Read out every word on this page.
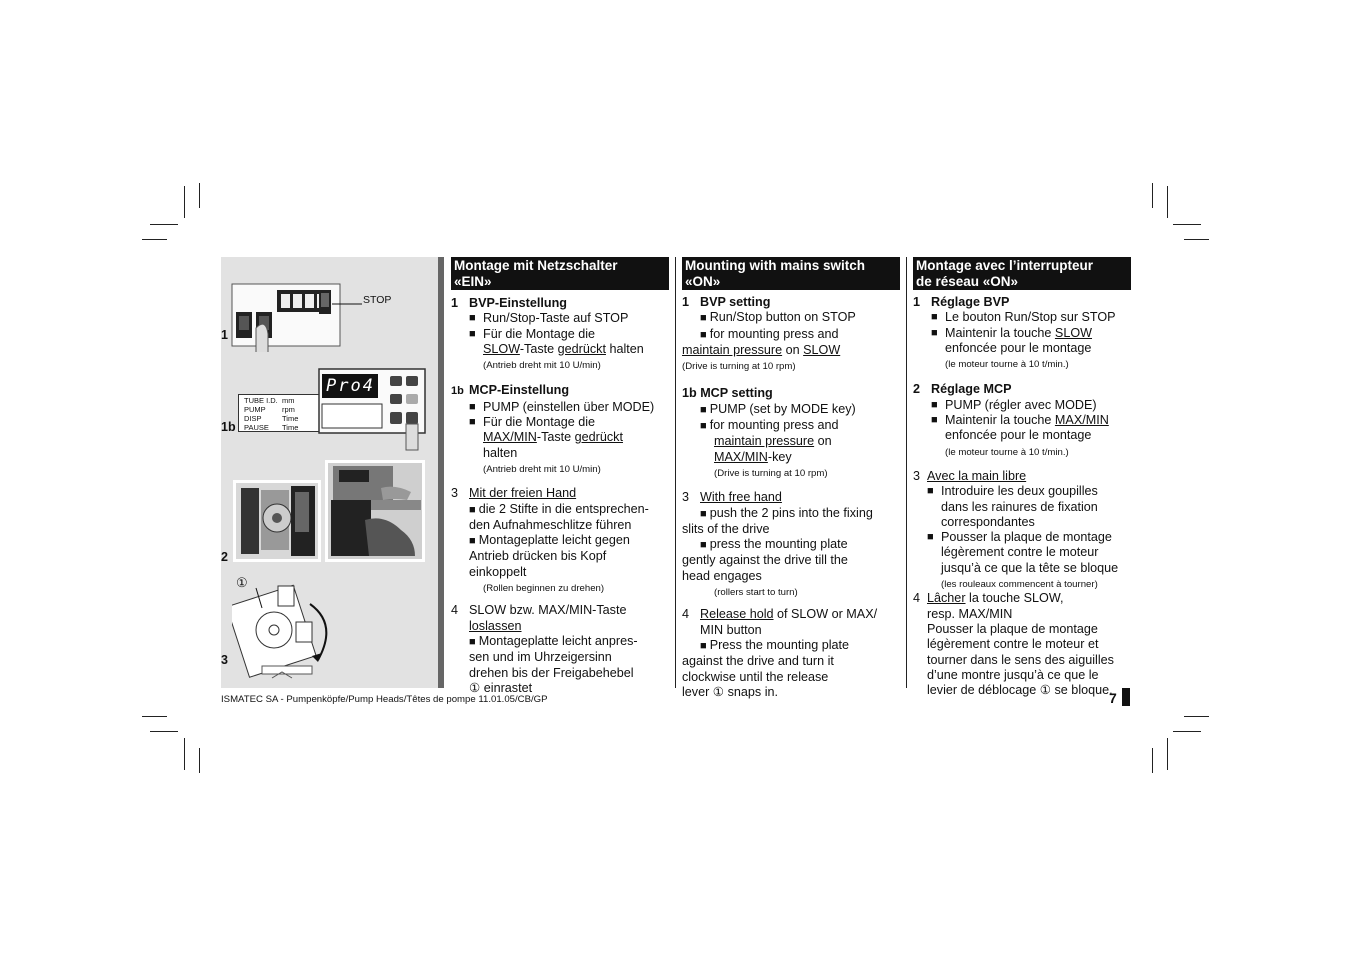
STOP
1
TUBE I.D. mm
PUMP	rpm
DISP	Time
PAUSE	Time
Pro4
1b
2
①
3
Montage mit Netzschalter
«EIN»
1 BVP-Einstellung
■ Run/Stop-Taste auf STOP
■ Für die Montage die
SLOW-Taste gedrückt halten
(Antrieb dreht mit 10 U/min)
1b MCP-Einstellung
■ PUMP (einstellen über MODE)
■ Für die Montage die
MAX/MIN-Taste gedrückt
halten
(Antrieb dreht mit 10 U/min)
3 Mit der freien Hand
■ die 2 Stifte in die entsprechen-
den Aufnahmeschlitze führen
■ Montageplatte leicht gegen
Antrieb drücken bis Kopf
einkoppelt
(Rollen beginnen zu drehen)
4 SLOW bzw. MAX/MIN-Taste
loslassen
■ Montageplatte leicht anpres-
sen und im Uhrzeigersinn
drehen bis der Freigabehebel
① einrastet
Mounting with mains switch
«ON»
1 BVP setting
■ Run/Stop button on STOP
■ for mounting press and
maintain pressure on SLOW
(Drive is turning at 10 rpm)
1b MCP setting
■ PUMP (set by MODE key)
■ for mounting press and
maintain pressure on
MAX/MIN-key
(Drive is turning at 10 rpm)
3 With free hand
■ push the 2 pins into the fixing
slits of the drive
■ press the mounting plate
gently against the drive till the
head engages
(rollers start to turn)
4 Release hold of SLOW or MAX/
MIN button
■ Press the mounting plate
against the drive and turn it
clockwise until the release
lever ① snaps in.
Montage avec l’interrupteur
de réseau «ON»
1 Réglage BVP
■ Le bouton Run/Stop sur STOP
■ Maintenir la touche SLOW
enfoncée pour le montage
(le moteur tourne à 10 t/min.)
2 Réglage MCP
■ PUMP (régler avec MODE)
■ Maintenir la touche MAX/MIN
enfoncée pour le montage
(le moteur tourne à 10 t/min.)
3 Avec la main libre
■ Introduire les deux goupilles
dans les rainures de fixation
correspondantes
■ Pousser la plaque de montage
légèrement contre le moteur
jusqu’à ce que la tête se bloque
(les rouleaux commencent à tourner)
4 Lâcher la touche SLOW,
resp. MAX/MIN
Pousser la plaque de montage
légèrement contre le moteur et
tourner dans le sens des aiguilles
d’une montre jusqu’à ce que le
levier de déblocage ① se bloque.
ISMATEC SA - Pumpenköpfe/Pump Heads/Têtes de pompe 11.01.05/CB/GP	7
